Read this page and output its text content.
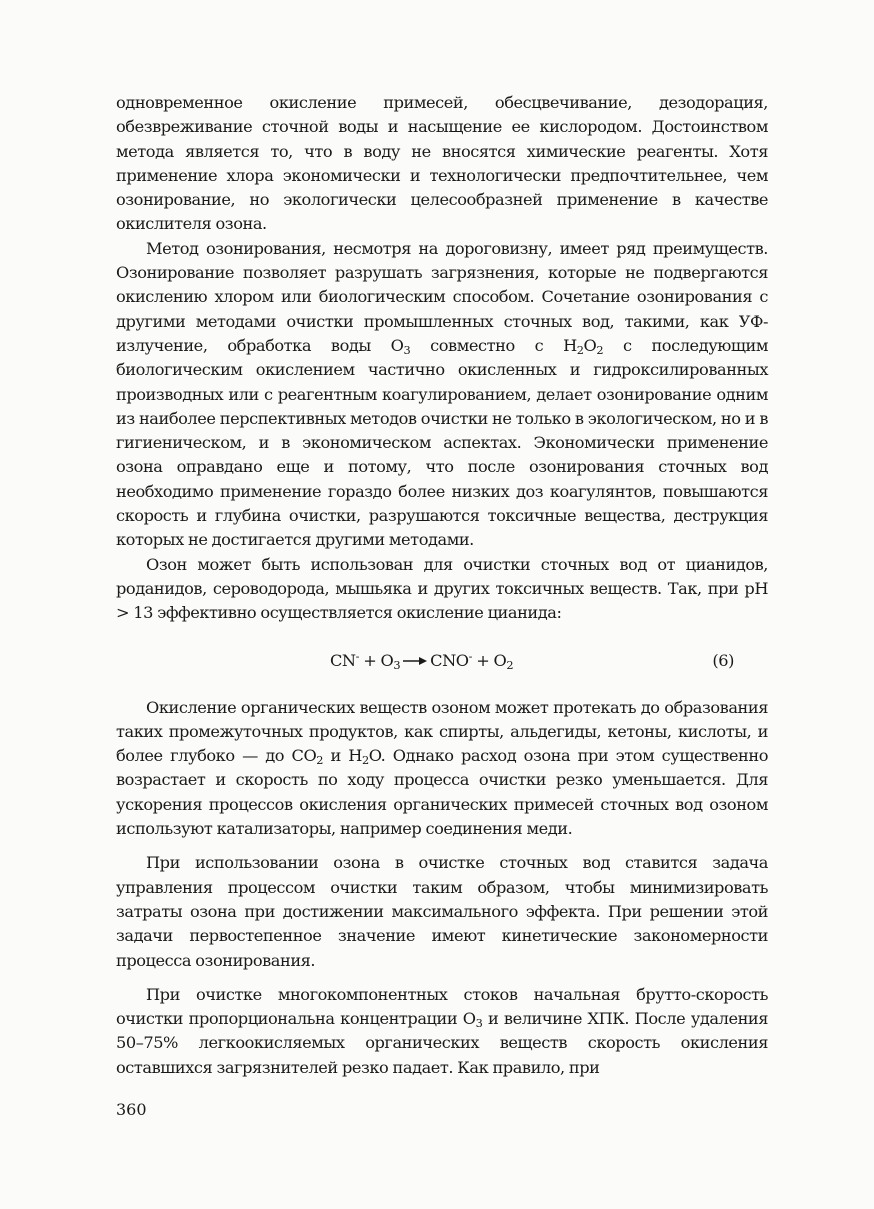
одновременное окисление примесей, обесцвечивание, дезодорация, обезвреживание сточной воды и насыщение ее кислородом. Достоинством метода является то, что в воду не вносятся химические реагенты. Хотя применение хлора экономически и технологически предпочтительнее, чем озонирование, но экологически целесообразней применение в качестве окислителя озона.

Метод озонирования, несмотря на дороговизну, имеет ряд преимуществ. Озонирование позволяет разрушать загрязнения, которые не подвергаются окислению хлором или биологическим способом. Сочетание озонирования с другими методами очистки промышленных сточных вод, такими, как УФ-излучение, обработка воды $O_3$ совместно с $H_2O_2$ с последующим биологическим окислением частично окисленных и гидроксилированных производных или с реагентным коагулированием, делает озонирование одним из наиболее перспективных методов очистки не только в экологическом, но и в гигиеническом, и в экономическом аспектах. Экономически применение озона оправдано еще и потому, что после озонирования сточных вод необходимо применение гораздо более низких доз коагулянтов, повышаются скорость и глубина очистки, разрушаются токсичные вещества, деструкция которых не достигается другими методами.

Озон может быть использован для очистки сточных вод от цианидов, роданидов, сероводорода, мышьяка и других токсичных веществ. Так, при pH > 13 эффективно осуществляется окисление цианида:

$CN^- + O_3 \to CNO^- + O_2$	(6)

Окисление органических веществ озоном может протекать до образования таких промежуточных продуктов, как спирты, альдегиды, кетоны, кислоты, и более глубоко — до $CO_2$ и $H_2O$. Однако расход озона при этом существенно возрастает и скорость по ходу процесса очистки резко уменьшается. Для ускорения процессов окисления органических примесей сточных вод озоном используют катализаторы, например соединения меди.

При использовании озона в очистке сточных вод ставится задача управления процессом очистки таким образом, чтобы минимизировать затраты озона при достижении максимального эффекта. При решении этой задачи первостепенное значение имеют кинетические закономерности процесса озонирования.

При очистке многокомпонентных стоков начальная брутто-скорость очистки пропорциональна концентрации $O_3$ и величине ХПК. После удаления 50–75% легкоокисляемых органических веществ скорость окисления оставшихся загрязнителей резко падает. Как правило, при

360
